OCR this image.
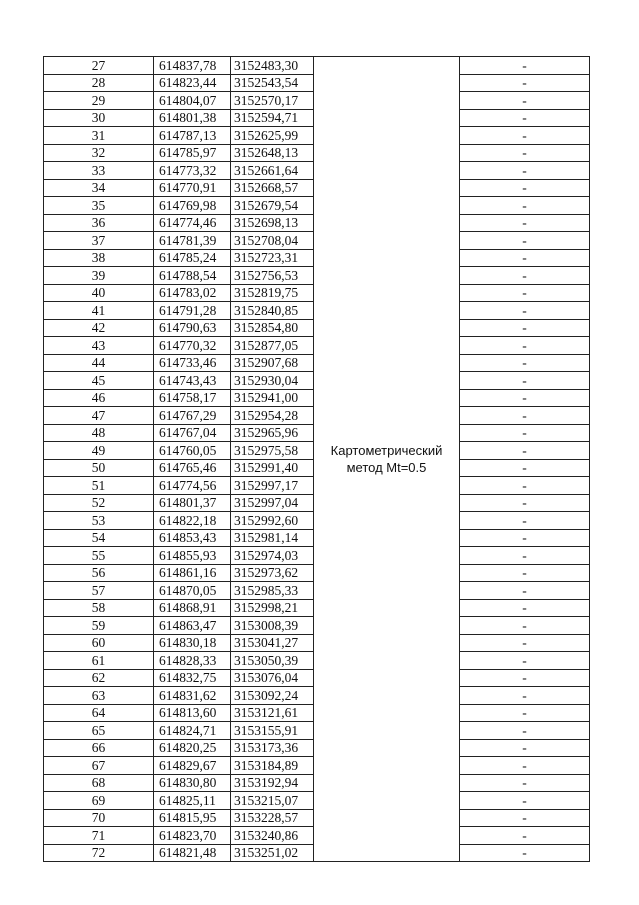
27	614837,78	3152483,30	Картометрический метод Mt=0.5	-
28	614823,44	3152543,54		-
29	614804,07	3152570,17		-
30	614801,38	3152594,71		-
31	614787,13	3152625,99		-
32	614785,97	3152648,13		-
33	614773,32	3152661,64		-
34	614770,91	3152668,57		-
35	614769,98	3152679,54		-
36	614774,46	3152698,13		-
37	614781,39	3152708,04		-
38	614785,24	3152723,31		-
39	614788,54	3152756,53		-
40	614783,02	3152819,75		-
41	614791,28	3152840,85		-
42	614790,63	3152854,80		-
43	614770,32	3152877,05		-
44	614733,46	3152907,68		-
45	614743,43	3152930,04		-
46	614758,17	3152941,00		-
47	614767,29	3152954,28		-
48	614767,04	3152965,96		-
49	614760,05	3152975,58		-
50	614765,46	3152991,40		-
51	614774,56	3152997,17		-
52	614801,37	3152997,04		-
53	614822,18	3152992,60		-
54	614853,43	3152981,14		-
55	614855,93	3152974,03		-
56	614861,16	3152973,62		-
57	614870,05	3152985,33		-
58	614868,91	3152998,21		-
59	614863,47	3153008,39		-
60	614830,18	3153041,27		-
61	614828,33	3153050,39		-
62	614832,75	3153076,04		-
63	614831,62	3153092,24		-
64	614813,60	3153121,61		-
65	614824,71	3153155,91		-
66	614820,25	3153173,36		-
67	614829,67	3153184,89		-
68	614830,80	3153192,94		-
69	614825,11	3153215,07		-
70	614815,95	3153228,57		-
71	614823,70	3153240,86		-
72	614821,48	3153251,02		-
